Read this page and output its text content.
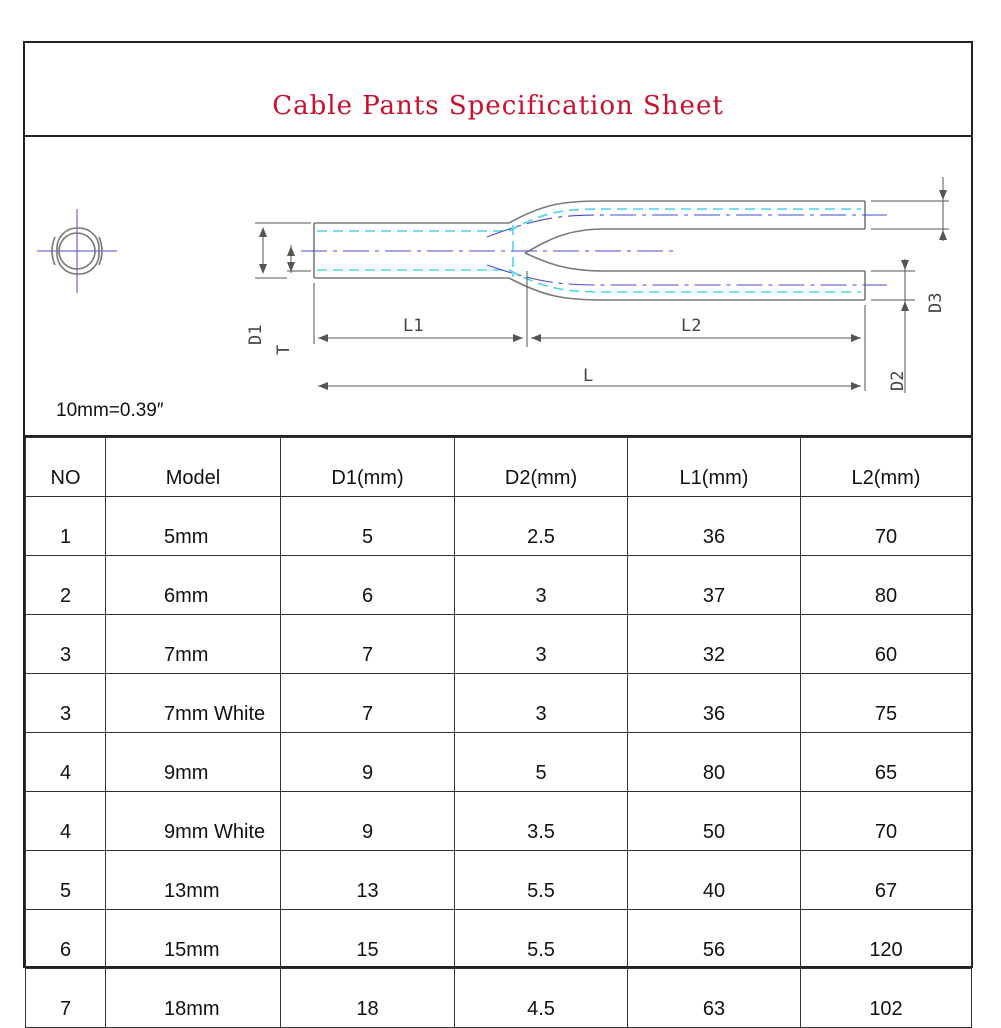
Cable Pants Specification Sheet
L1	L2
L
D1
T
D2
D3
10mm=0.39″
NO	Model	D1(mm)	D2(mm)	L1(mm)	L2(mm)
1	5mm	5	2.5	36	70
2	6mm	6	3	37	80
3	7mm	7	3	32	60
3	7mm White	7	3	36	75
4	9mm	9	5	80	65
4	9mm White	9	3.5	50	70
5	13mm	13	5.5	40	67
6	15mm	15	5.5	56	120
7	18mm	18	4.5	63	102
